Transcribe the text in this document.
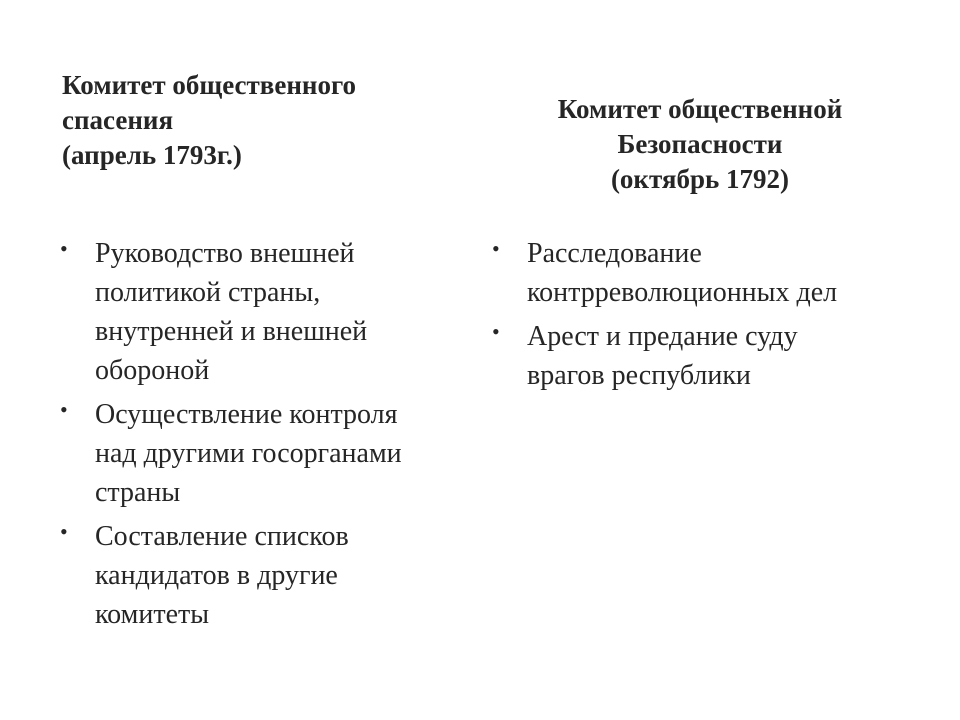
Комитет общественного
спасения
(апрель 1793г.)
• Руководство внешней
политикой страны,
внутренней и внешней
обороной
• Осуществление контроля
над другими госорганами
страны
• Составление списков
кандидатов в другие
комитеты
Комитет общественной
Безопасности
(октябрь 1792)
• Расследование
контрреволюционных дел
• Арест и предание суду
врагов республики
